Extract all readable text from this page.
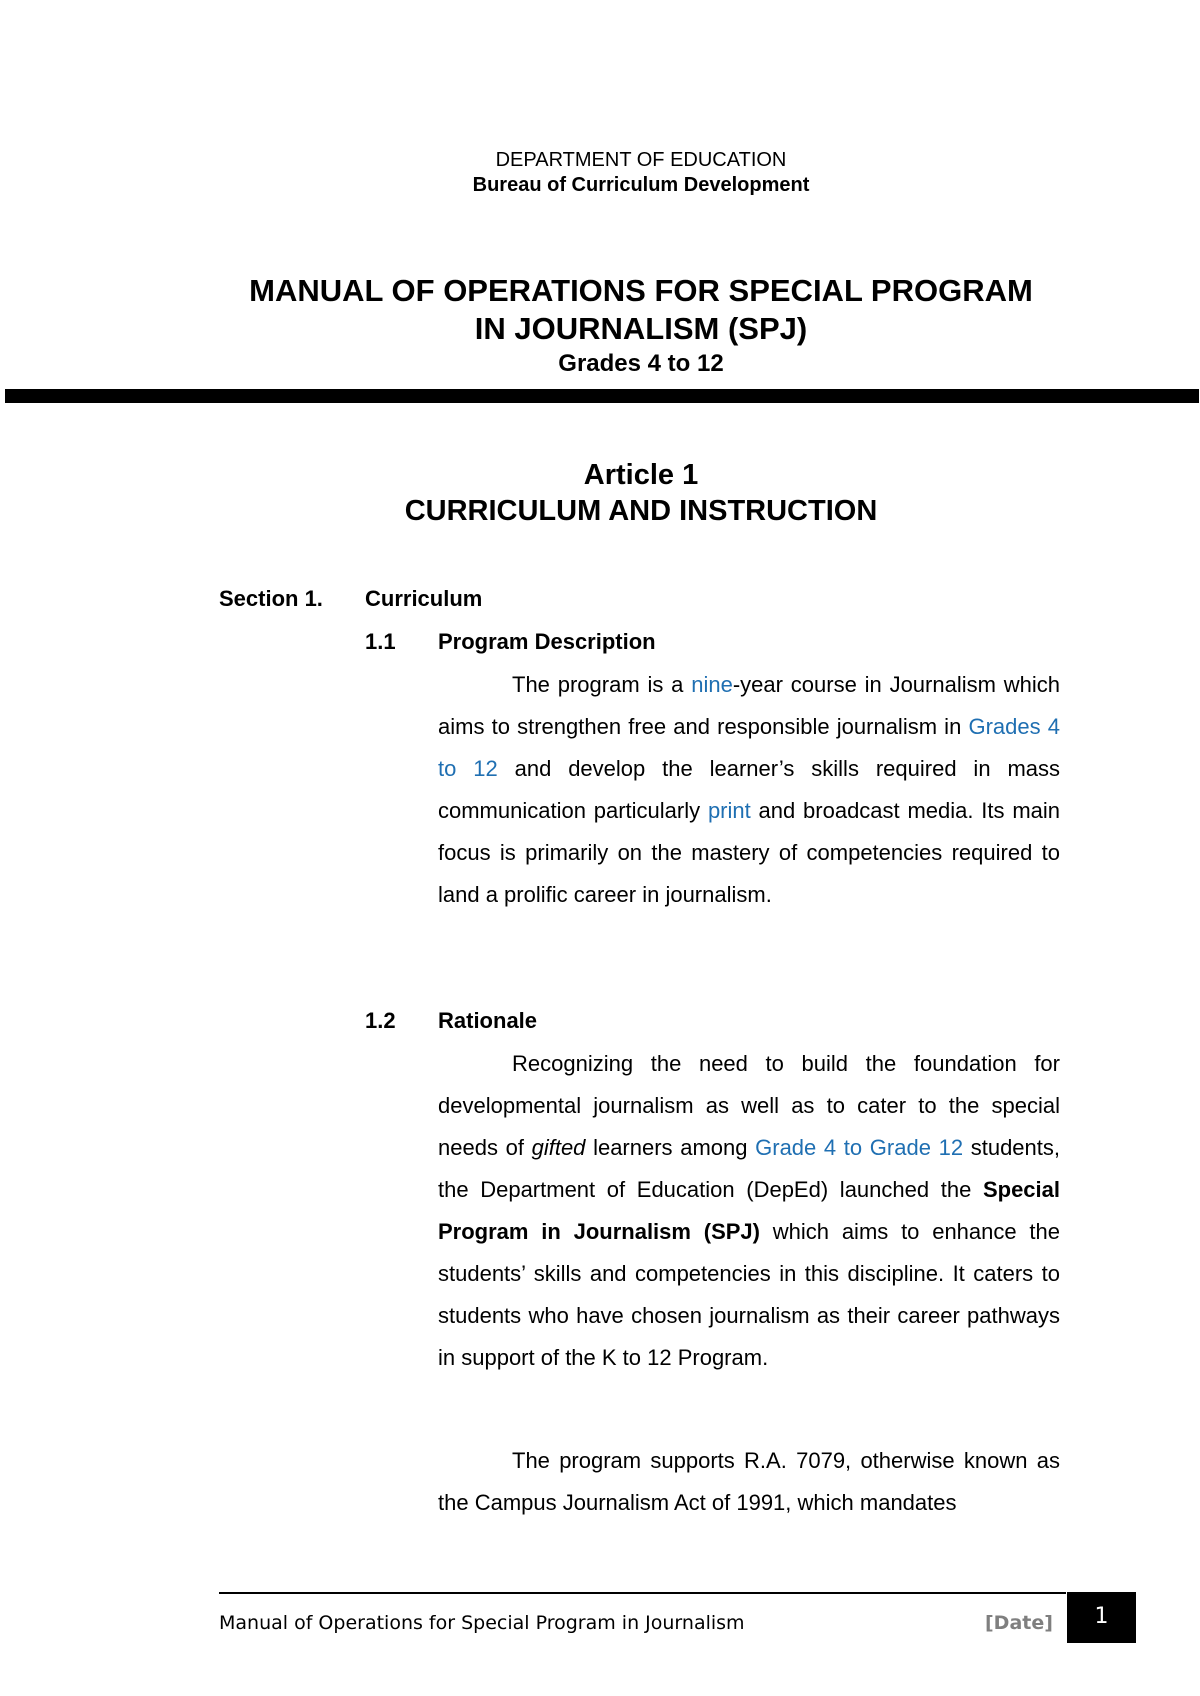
DEPARTMENT OF EDUCATION
Bureau of Curriculum Development
MANUAL OF OPERATIONS FOR SPECIAL PROGRAM
IN JOURNALISM (SPJ)
Grades 4 to 12
Article 1
CURRICULUM AND INSTRUCTION
Section 1. Curriculum
1.1 Program Description
The program is a nine-year course in Journalism which aims to strengthen free and responsible journalism in Grades 4 to 12 and develop the learner’s skills required in mass communication particularly print and broadcast media. Its main focus is primarily on the mastery of competencies required to land a prolific career in journalism.
1.2 Rationale
Recognizing the need to build the foundation for developmental journalism as well as to cater to the special needs of gifted learners among Grade 4 to Grade 12 students, the Department of Education (DepEd) launched the Special Program in Journalism (SPJ) which aims to enhance the students’ skills and competencies in this discipline. It caters to students who have chosen journalism as their career pathways in support of the K to 12 Program.
The program supports R.A. 7079, otherwise known as the Campus Journalism Act of 1991, which mandates
Manual of Operations for Special Program in Journalism	[Date]	1
